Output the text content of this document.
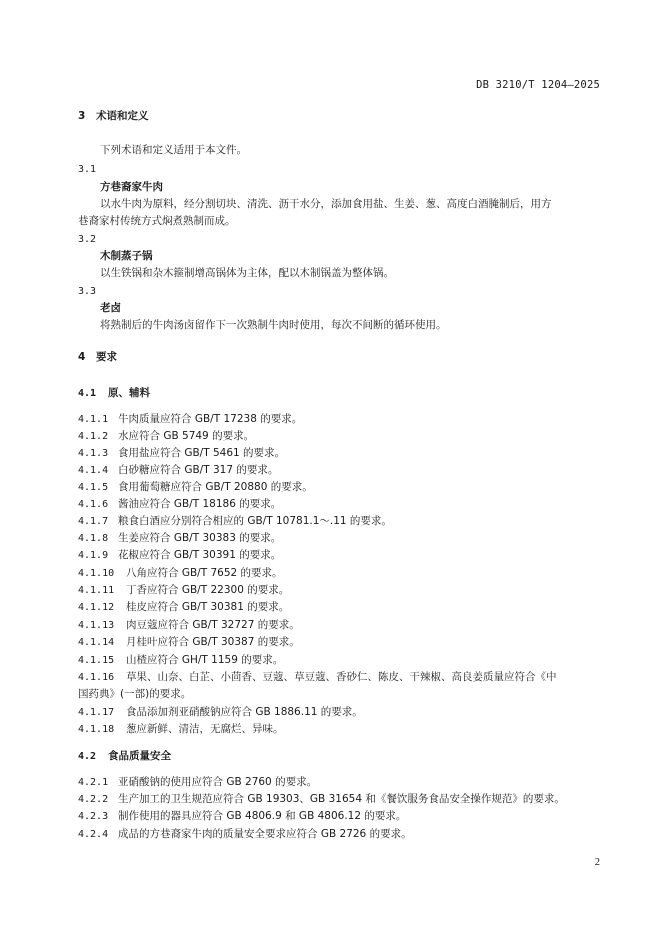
DB 3210/T 1204—2025
3 术语和定义
下列术语和定义适用于本文件。
3.1
方巷裔家牛肉
以水牛肉为原料，经分割切块、清洗、沥干水分，添加食用盐、生姜、葱、高度白酒腌制后，用方
巷裔家村传统方式焖煮熟制而成。
3.2
木制蒸子锅
以生铁锅和杂木箍制增高锅体为主体，配以木制锅盖为整体锅。
3.3
老卤
将熟制后的牛肉汤卤留作下一次熟制牛肉时使用，每次不间断的循环使用。
4 要求
4.1 原、辅料
4.1.1 牛肉质量应符合 GB/T 17238 的要求。
4.1.2 水应符合 GB 5749 的要求。
4.1.3 食用盐应符合 GB/T 5461 的要求。
4.1.4 白砂糖应符合 GB/T 317 的要求。
4.1.5 食用葡萄糖应符合 GB/T 20880 的要求。
4.1.6 酱油应符合 GB/T 18186 的要求。
4.1.7 粮食白酒应分别符合相应的 GB/T 10781.1～.11 的要求。
4.1.8 生姜应符合 GB/T 30383 的要求。
4.1.9 花椒应符合 GB/T 30391 的要求。
4.1.10 八角应符合 GB/T 7652 的要求。
4.1.11 丁香应符合 GB/T 22300 的要求。
4.1.12 桂皮应符合 GB/T 30381 的要求。
4.1.13 肉豆蔻应符合 GB/T 32727 的要求。
4.1.14 月桂叶应符合 GB/T 30387 的要求。
4.1.15 山楂应符合 GH/T 1159 的要求。
4.1.16 草果、山奈、白芷、小茴香、豆蔻、草豆蔻、香砂仁、陈皮、干辣椒、高良姜质量应符合《中
国药典》(一部)的要求。
4.1.17 食品添加剂亚硝酸钠应符合 GB 1886.11 的要求。
4.1.18 葱应新鲜、清洁，无腐烂、异味。
4.2 食品质量安全
4.2.1 亚硝酸钠的使用应符合 GB 2760 的要求。
4.2.2 生产加工的卫生规范应符合 GB 19303、GB 31654 和《餐饮服务食品安全操作规范》的要求。
4.2.3 制作使用的器具应符合 GB 4806.9 和 GB 4806.12 的要求。
4.2.4 成品的方巷裔家牛肉的质量安全要求应符合 GB 2726 的要求。
2
